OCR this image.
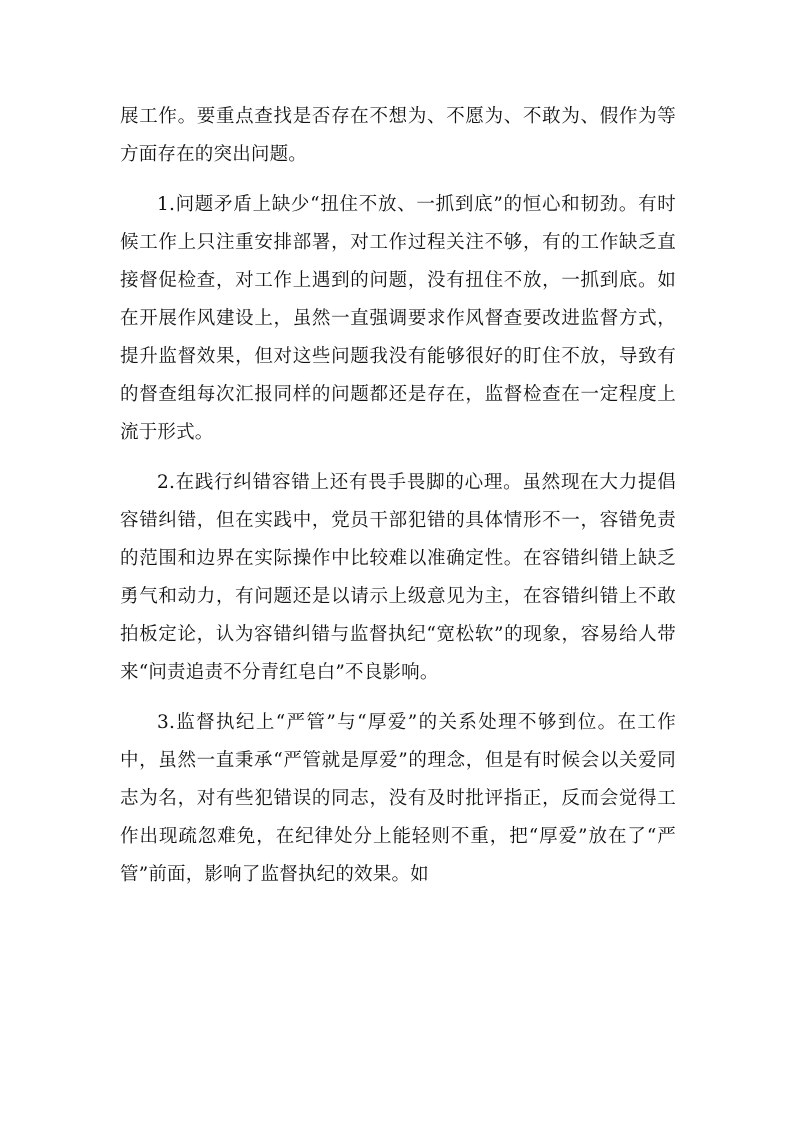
展工作。要重点查找是否存在不想为、不愿为、不敢为、假作为等方面存在的突出问题。

1.问题矛盾上缺少“扭住不放、一抓到底”的恒心和韧劲。有时候工作上只注重安排部署，对工作过程关注不够，有的工作缺乏直接督促检查，对工作上遇到的问题，没有扭住不放，一抓到底。如在开展作风建设上，虽然一直强调要求作风督查要改进监督方式，提升监督效果，但对这些问题我没有能够很好的盯住不放，导致有的督查组每次汇报同样的问题都还是存在，监督检查在一定程度上流于形式。

2.在践行纠错容错上还有畏手畏脚的心理。虽然现在大力提倡容错纠错，但在实践中，党员干部犯错的具体情形不一，容错免责的范围和边界在实际操作中比较难以准确定性。在容错纠错上缺乏勇气和动力，有问题还是以请示上级意见为主，在容错纠错上不敢拍板定论，认为容错纠错与监督执纪“宽松软”的现象，容易给人带来“问责追责不分青红皂白”不良影响。

3.监督执纪上“严管”与“厚爱”的关系处理不够到位。在工作中，虽然一直秉承“严管就是厚爱”的理念，但是有时候会以关爱同志为名，对有些犯错误的同志，没有及时批评指正，反而会觉得工作出现疏忽难免，在纪律处分上能轻则不重，把“厚爱”放在了“严管”前面，影响了监督执纪的效果。如
